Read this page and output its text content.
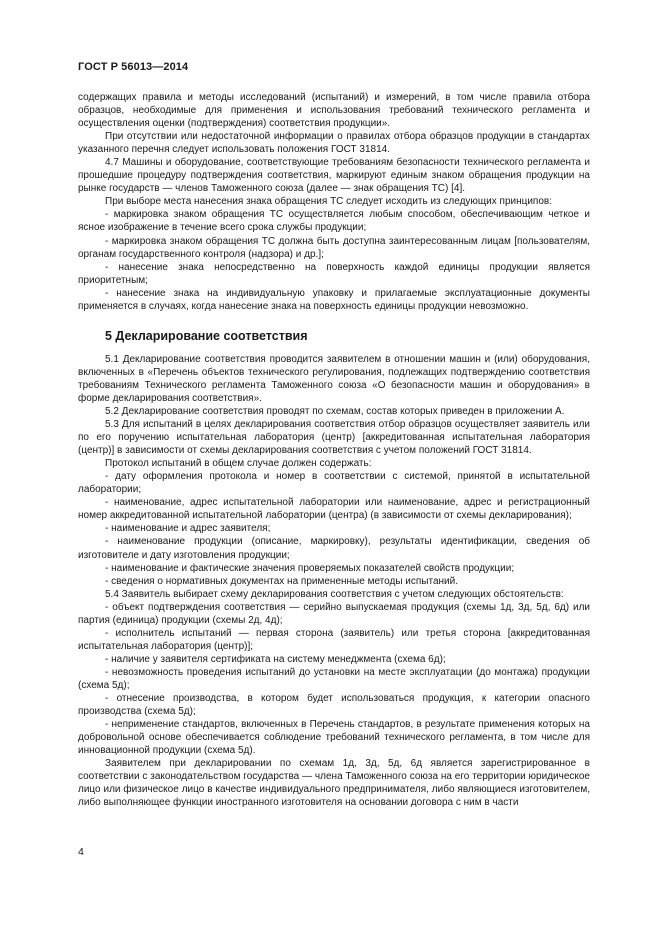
ГОСТ Р 56013—2014

содержащих правила и методы исследований (испытаний) и измерений, в том числе правила отбора образцов, необходимые для применения и использования требований технического регламента и осуществления оценки (подтверждения) соответствия продукции».

При отсутствии или недостаточной информации о правилах отбора образцов продукции в стандартах указанного перечня следует использовать положения ГОСТ 31814.

4.7 Машины и оборудование, соответствующие требованиям безопасности технического регламента и прошедшие процедуру подтверждения соответствия, маркируют единым знаком обращения продукции на рынке государств — членов Таможенного союза (далее — знак обращения ТС) [4].

При выборе места нанесения знака обращения ТС следует исходить из следующих принципов:

- маркировка знаком обращения ТС осуществляется любым способом, обеспечивающим четкое и ясное изображение в течение всего срока службы продукции;

- маркировка знаком обращения ТС должна быть доступна заинтересованным лицам [пользователям, органам государственного контроля (надзора) и др.];

- нанесение знака непосредственно на поверхность каждой единицы продукции является приоритетным;

- нанесение знака на индивидуальную упаковку и прилагаемые эксплуатационные документы применяется в случаях, когда нанесение знака на поверхность единицы продукции невозможно.

5 Декларирование соответствия

5.1 Декларирование соответствия проводится заявителем в отношении машин и (или) оборудования, включенных в «Перечень объектов технического регулирования, подлежащих подтверждению соответствия требованиям Технического регламента Таможенного союза «О безопасности машин и оборудования» в форме декларирования соответствия».

5.2 Декларирование соответствия проводят по схемам, состав которых приведен в приложении А.

5.3 Для испытаний в целях декларирования соответствия отбор образцов осуществляет заявитель или по его поручению испытательная лаборатория (центр) [аккредитованная испытательная лаборатория (центр)] в зависимости от схемы декларирования соответствия с учетом положений ГОСТ 31814.

Протокол испытаний в общем случае должен содержать:

- дату оформления протокола и номер в соответствии с системой, принятой в испытательной лаборатории;

- наименование, адрес испытательной лаборатории или наименование, адрес и регистрационный номер аккредитованной испытательной лаборатории (центра) (в зависимости от схемы декларирования);

- наименование и адрес заявителя;

- наименование продукции (описание, маркировку), результаты идентификации, сведения об изготовителе и дату изготовления продукции;

- наименование и фактические значения проверяемых показателей свойств продукции;

- сведения о нормативных документах на примененные методы испытаний.

5.4 Заявитель выбирает схему декларирования соответствия с учетом следующих обстоятельств:

- объект подтверждения соответствия — серийно выпускаемая продукция (схемы 1д, 3д, 5д, 6д) или партия (единица) продукции (схемы 2д, 4д);

- исполнитель испытаний — первая сторона (заявитель) или третья сторона [аккредитованная испытательная лаборатория (центр)];

- наличие у заявителя сертификата на систему менеджмента (схема 6д);

- невозможность проведения испытаний до установки на месте эксплуатации (до монтажа) продукции (схема 5д);

- отнесение производства, в котором будет использоваться продукция, к категории опасного производства (схема 5д);

- неприменение стандартов, включенных в Перечень стандартов, в результате применения которых на добровольной основе обеспечивается соблюдение требований технического регламента, в том числе для инновационной продукции (схема 5д).

Заявителем при декларировании по схемам 1д, 3д, 5д, 6д является зарегистрированное в соответствии с законодательством государства — члена Таможенного союза на его территории юридическое лицо или физическое лицо в качестве индивидуального предпринимателя, либо являющиеся изготовителем, либо выполняющее функции иностранного изготовителя на основании договора с ним в части

4
